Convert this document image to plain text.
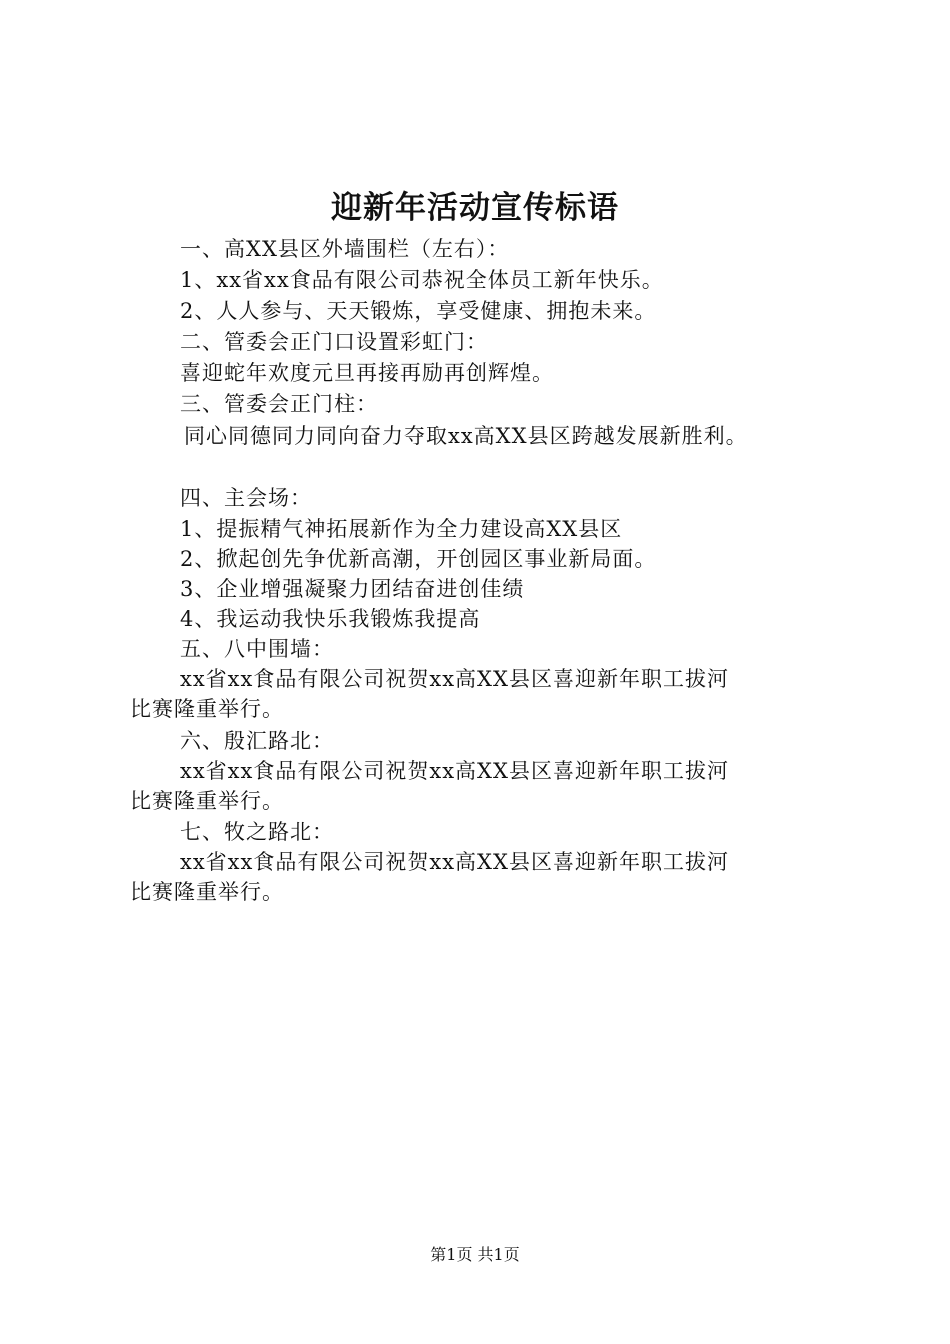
迎新年活动宣传标语
一、高XX县区外墙围栏（左右）：
1、xx省xx食品有限公司恭祝全体员工新年快乐。
2、人人参与、天天锻炼，享受健康、拥抱未来。
二、管委会正门口设置彩虹门：
喜迎蛇年欢度元旦再接再励再创辉煌。
三、管委会正门柱：
同心同德同力同向奋力夺取xx高XX县区跨越发展新胜利。
四、主会场：
1、提振精气神拓展新作为全力建设高XX县区
2、掀起创先争优新高潮，开创园区事业新局面。
3、企业增强凝聚力团结奋进创佳绩
4、我运动我快乐我锻炼我提高
五、八中围墙：
xx省xx食品有限公司祝贺xx高XX县区喜迎新年职工拔河
比赛隆重举行。
六、殷汇路北：
xx省xx食品有限公司祝贺xx高XX县区喜迎新年职工拔河
比赛隆重举行。
七、牧之路北：
xx省xx食品有限公司祝贺xx高XX县区喜迎新年职工拔河
比赛隆重举行。
第1页 共1页
